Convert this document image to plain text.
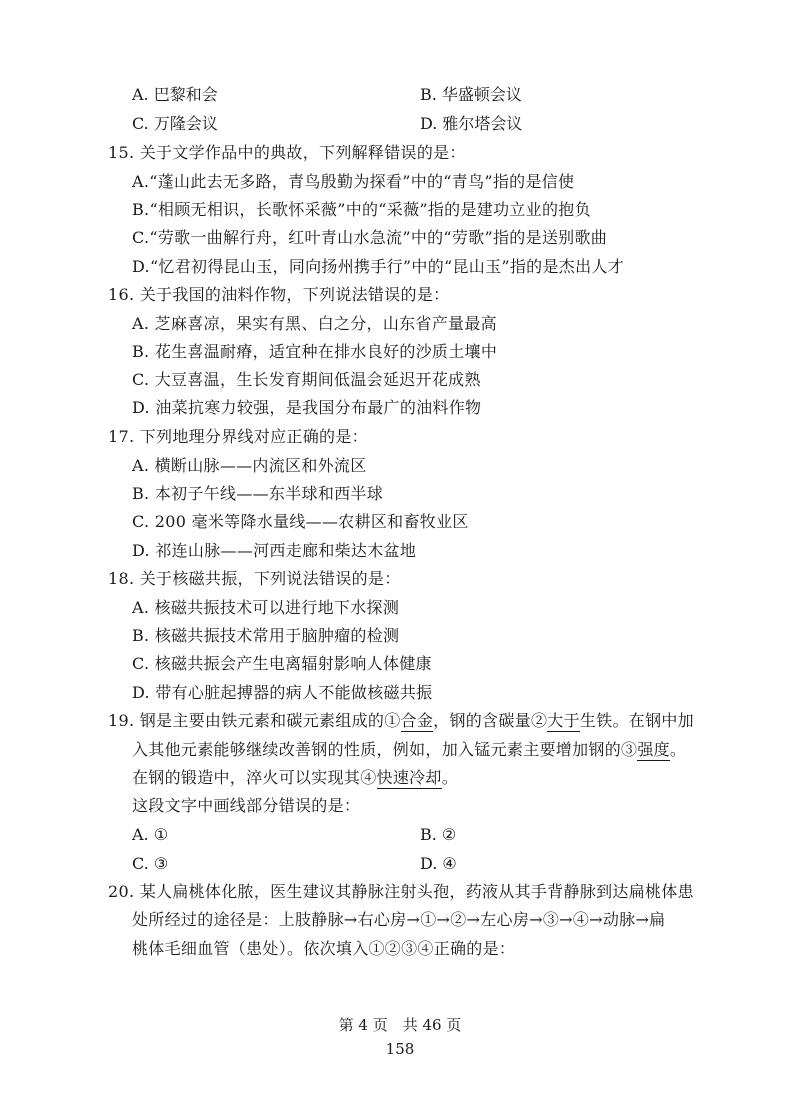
A. 巴黎和会	B. 华盛顿会议
C. 万隆会议	D. 雅尔塔会议
15. 关于文学作品中的典故，下列解释错误的是：
A.“蓬山此去无多路，青鸟殷勤为探看”中的“青鸟”指的是信使
B.“相顾无相识，长歌怀采薇”中的“采薇”指的是建功立业的抱负
C.“劳歌一曲解行舟，红叶青山水急流”中的“劳歌”指的是送别歌曲
D.“忆君初得昆山玉，同向扬州携手行”中的“昆山玉”指的是杰出人才
16. 关于我国的油料作物，下列说法错误的是：
A. 芝麻喜凉，果实有黑、白之分，山东省产量最高
B. 花生喜温耐瘠，适宜种在排水良好的沙质土壤中
C. 大豆喜温，生长发育期间低温会延迟开花成熟
D. 油菜抗寒力较强，是我国分布最广的油料作物
17. 下列地理分界线对应正确的是：
A. 横断山脉——内流区和外流区
B. 本初子午线——东半球和西半球
C. 200 毫米等降水量线——农耕区和畜牧业区
D. 祁连山脉——河西走廊和柴达木盆地
18. 关于核磁共振，下列说法错误的是：
A. 核磁共振技术可以进行地下水探测
B. 核磁共振技术常用于脑肿瘤的检测
C. 核磁共振会产生电离辐射影响人体健康
D. 带有心脏起搏器的病人不能做核磁共振
19. 钢是主要由铁元素和碳元素组成的①合金，钢的含碳量②大于生铁。在钢中加
入其他元素能够继续改善钢的性质，例如，加入锰元素主要增加钢的③强度。
在钢的锻造中，淬火可以实现其④快速冷却。
这段文字中画线部分错误的是：
A. ①	B. ②
C. ③	D. ④
20. 某人扁桃体化脓，医生建议其静脉注射头孢，药液从其手背静脉到达扁桃体患
处所经过的途径是：上肢静脉→右心房→①→②→左心房→③→④→动脉→扁
桃体毛细血管（患处）。依次填入①②③④正确的是：
第 4 页　共 46 页
158
